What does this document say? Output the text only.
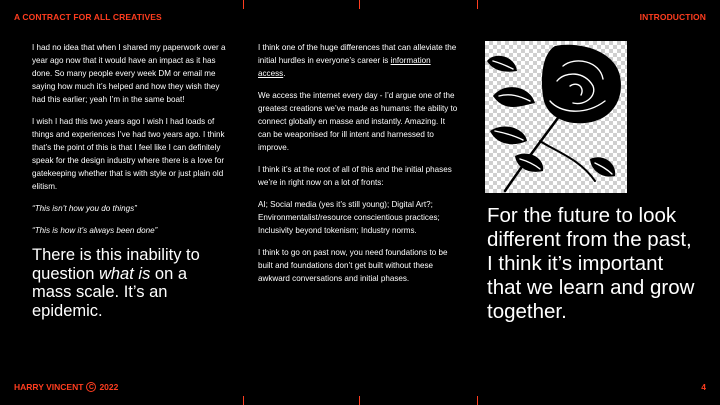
A CONTRACT FOR ALL CREATIVES	INTRODUCTION

I had no idea that when I shared my paperwork over a year ago now that it would have an impact as it has done. So many people every week DM or email me saying how much it’s helped and how they wish they had this earlier; yeah I’m in the same boat!

I wish I had this two years ago I wish I had loads of things and experiences I’ve had two years ago. I think that’s the point of this is that I feel like I can definitely speak for the design industry where there is a love for gatekeeping whether that is with style or just plain old elitism.

“This isn’t how you do things”

“This is how it’s always been done”

There is this inability to question what is on a mass scale. It’s an epidemic.

I think one of the huge differences that can alleviate the initial hurdles in everyone’s career is information access.

We access the internet every day - I’d argue one of the greatest creations we’ve made as humans: the ability to connect globally en masse and instantly. Amazing. It can be weaponised for ill intent and harnessed to improve.

I think it’s at the root of all of this and the initial phases we’re in right now on a lot of fronts:

AI; Social media (yes it’s still young); Digital Art?; Environmentalist/resource conscientious practices; Inclusivity beyond tokenism; Industry norms.

I think to go on past now, you need foundations to be built and foundations don’t get built without these awkward conversations and initial phases.

For the future to look different from the past, I think it’s important that we learn and grow together.
HARRY VINCENT C 2022	4
